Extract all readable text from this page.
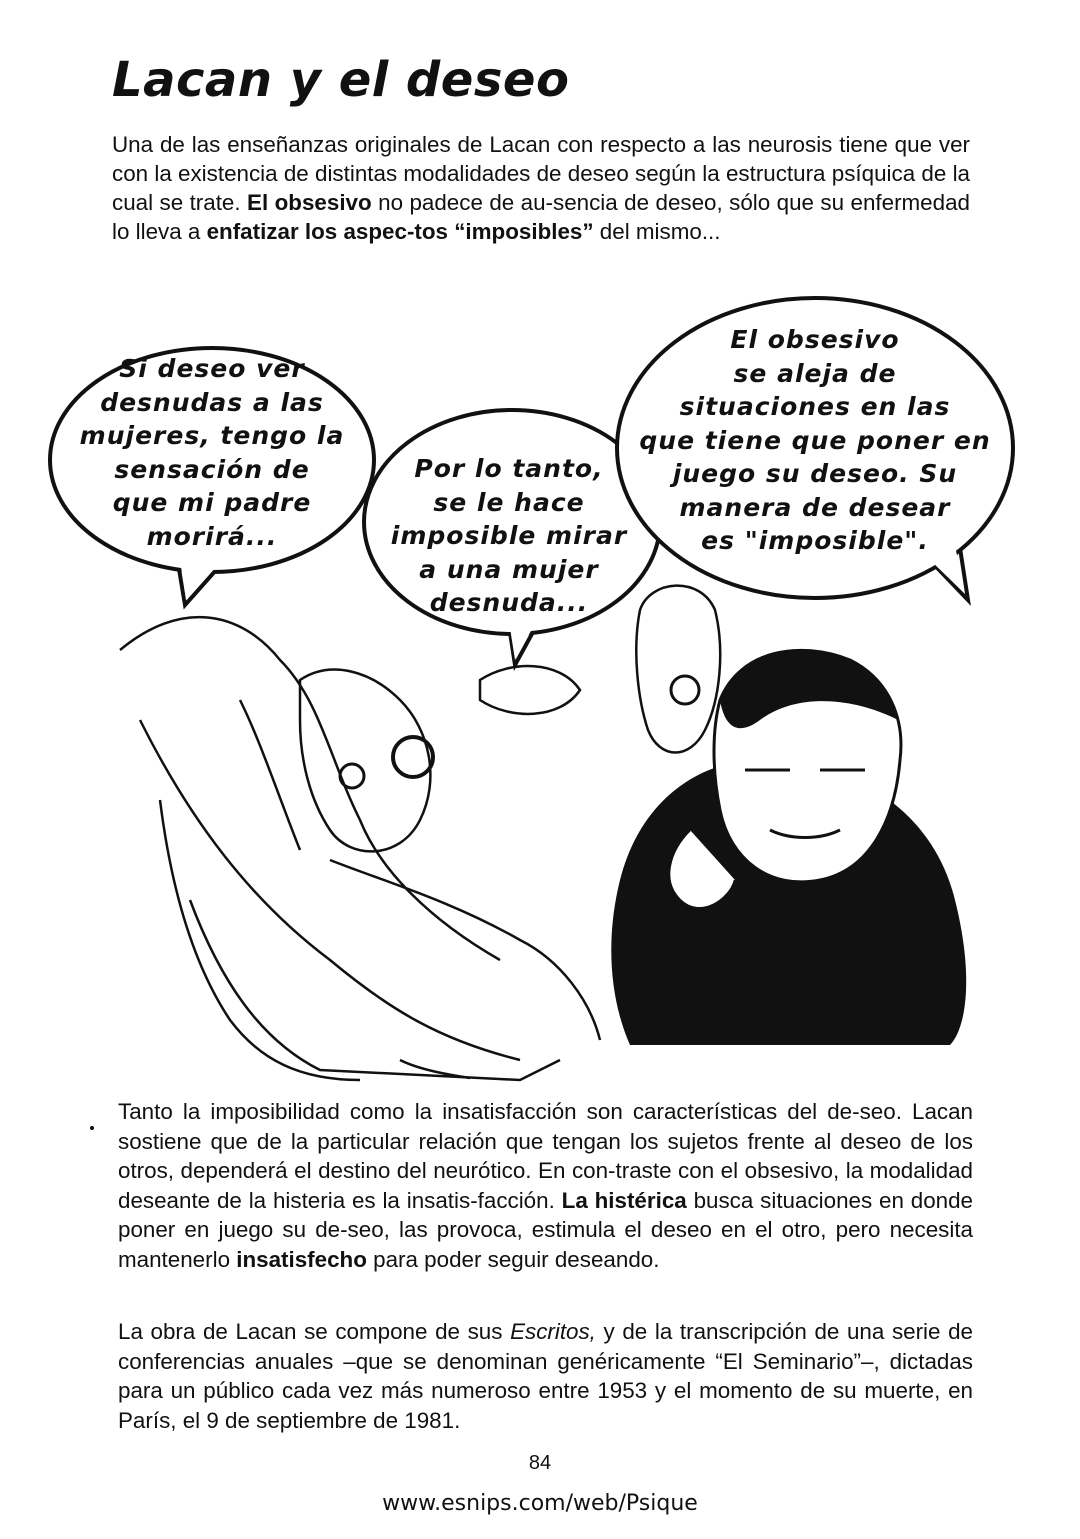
Lacan y el deseo

Una de las enseñanzas originales de Lacan con respecto a las neurosis tiene que ver con la existencia de distintas modalidades de deseo según la estructura psíquica de la cual se trate. El obsesivo no padece de au-sencia de deseo, sólo que su enfermedad lo lleva a enfatizar los aspec-tos “imposibles” del mismo...

Si deseo ver
desnudas a las
mujeres, tengo la
sensación de
que mi padre
morirá...
Por lo tanto,
se le hace
imposible mirar
a una mujer
desnuda...
El obsesivo
se aleja de
situaciones en las
que tiene que poner en
juego su deseo. Su
manera de desear
es "imposible".

Tanto la imposibilidad como la insatisfacción son características del de-seo. Lacan sostiene que de la particular relación que tengan los sujetos frente al deseo de los otros, dependerá el destino del neurótico. En con-traste con el obsesivo, la modalidad deseante de la histeria es la insatis-facción. La histérica busca situaciones en donde poner en juego su de-seo, las provoca, estimula el deseo en el otro, pero necesita mantenerlo insatisfecho para poder seguir deseando.

La obra de Lacan se compone de sus Escritos, y de la transcripción de una serie de conferencias anuales –que se denominan genéricamente “El Seminario”–, dictadas para un público cada vez más numeroso entre 1953 y el momento de su muerte, en París, el 9 de septiembre de 1981.

84
www.esnips.com/web/Psique
